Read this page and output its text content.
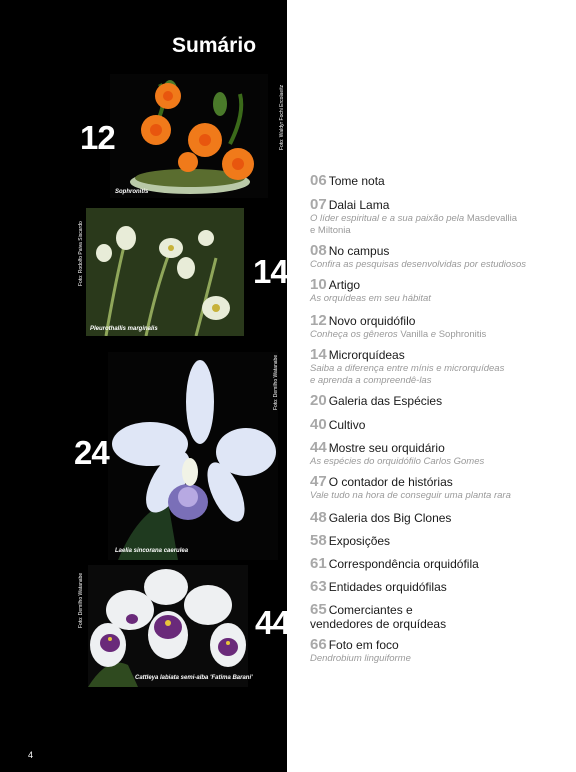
Sumário
12
Sophronitis
Foto: Waldyr Fochi Ercolaeitz
14
Pleurothallis marginalis
Foto: Rodolfo Paiva Siscardo
24
Laelia sincorana caerulea
Foto: Demilho Watanabe
44
Cattleya labiata semi-alba 'Fatima Barani'
Foto: Demilho Watanabe
4
06 Tome nota
07 Dalai Lama
O líder espiritual e a sua paixão pela Masdevallia
e Miltonia
08 No campus
Confira as pesquisas desenvolvidas por estudiosos
10 Artigo
As orquídeas em seu hábitat
12 Novo orquidófilo
Conheça os gêneros Vanilla e Sophronitis
14 Microrquídeas
Saiba a diferença entre mínis e microrquídeas
e aprenda a compreendê-las
20 Galeria das Espécies
40 Cultivo
44 Mostre seu orquidário
As espécies do orquidófilo Carlos Gomes
47 O contador de histórias
Vale tudo na hora de conseguir uma planta rara
48 Galeria dos Big Clones
58 Exposições
61 Correspondência orquidófila
63 Entidades orquidófilas
65 Comerciantes e
vendedores de orquídeas
66 Foto em foco
Dendrobium linguiforme
